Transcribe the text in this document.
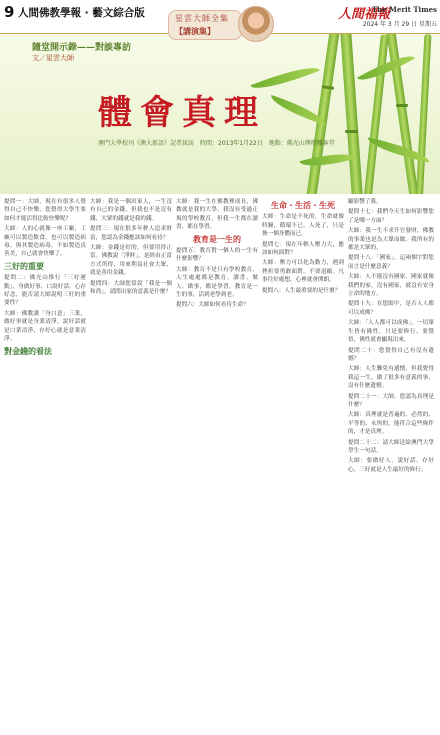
9 人間佛教學報 · 藝文綜合版	人間福報
The Merit Times
2024 年 3 月 29 日 星期五
隨堂開示錄——對談專訪
文／星雲大師
體會真理
澳門大學校刊《澳大新語》記者採訪　時間：2013年1月22日　地點：佛光山傳燈樓客堂
星雲大師全集
【講演集】

提問一：大師，現在有很多人覺得自己不快樂，您覺得大學生要如何才能活得比較快樂呢？

大師：人的心就像一座工廠，工廠可以製造飲食、也可以製造病毒。與其製造病毒，不如製造真善美，自己就會快樂了。

三好的重要

提問二：佛光山推行「三好運動」，身做好事、口說好話、心存好念，能否請大師說明三好的重要性？

大師：佛教講「身口意」三業，做好事就是身業清淨，說好話就是口業清淨，存好心就是意業清淨。

對金錢的看法

大師：我是一個出家人，一生沒有自己的金錢，但我也不是沒有錢，大眾的錢就是我的錢。

提問三：現在很多年輕人追求財富，您認為金錢應該如何看待？

大師：金錢是好的，但要用得正當。佛教說「淨財」，是經由正當方式所得，用來利益社會大眾，就是善用金錢。

提問四：大師您常說「我是一個和尚」，請問出家的意義是什麼？

大師：我一生在佛教裡成長，佛教就是我的大學。我沒有受過正規的學校教育，但我一生都在讀書、都在學習。

教育是一生的

提問五：教育對一個人的一生有什麼影響？

大師：教育不是只有學校教育，人生處處都是教育。讀書、做人、做事，都是學習。教育是一生的事，活到老學到老。

提問六：大師如何看待生命？

生命・生活・生死

大師：生命是不死的，生命就像時鐘，循環不已。人死了，只是換一個身體而已。

提問七：現在年輕人壓力大，應該如何面對？

大師：壓力可以化為動力，遇到挫折要勇敢面對，不要退縮。凡事往好處想，心裡就會開朗。

提問八：人生最重要的是什麼？

顧影響了我。

提問十七：我們今天生如何影響您了是哪一方面？

大師：我一生不求升官發財，佛教的事業也是為大眾而做。我所有的都是大眾的。

提問十八：「國家」，這兩個字對您而言是什麼意義？

大師：人不能沒有國家，國家就像我們的家，沒有國家，就沒有安身立命的地方。

提問十九：在您眼中，是否人人都可以成佛？

大師：「人人都可以成佛」，一切眾生皆有佛性，只是要修行、要覺悟，佛性就會顯現出來。

提問二十：您覺得自己有沒有遺憾？

大師：人生難免有遺憾，但我覺得我這一生，做了很多有意義的事，沒有什麼遺憾。

提問二十一：大師，您認為真理是什麼？

大師：真理就是普遍的、必然的、平等的、永恆的。能符合這些條件的，才是真理。

提問二十二：請大師送給澳門大學學生一句話。

大師：要做好人、說好話、存好心，三好就是人生最好的修行。
